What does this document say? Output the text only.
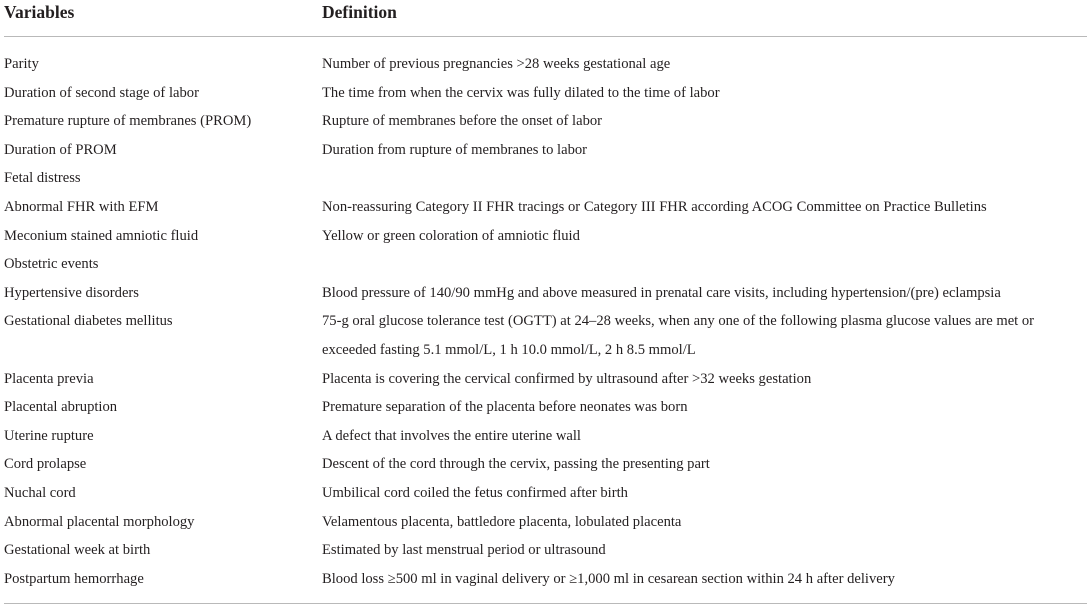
Variables	Definition
Parity	Number of previous pregnancies >28 weeks gestational age
Duration of second stage of labor	The time from when the cervix was fully dilated to the time of labor
Premature rupture of membranes (PROM)	Rupture of membranes before the onset of labor
Duration of PROM	Duration from rupture of membranes to labor
Fetal distress
Abnormal FHR with EFM	Non-reassuring Category II FHR tracings or Category III FHR according ACOG Committee on Practice Bulletins
Meconium stained amniotic fluid	Yellow or green coloration of amniotic fluid
Obstetric events
Hypertensive disorders	Blood pressure of 140/90 mmHg and above measured in prenatal care visits, including hypertension/(pre) eclampsia
Gestational diabetes mellitus	75-g oral glucose tolerance test (OGTT) at 24–28 weeks, when any one of the following plasma glucose values are met or
exceeded fasting 5.1 mmol/L, 1 h 10.0 mmol/L, 2 h 8.5 mmol/L
Placenta previa	Placenta is covering the cervical confirmed by ultrasound after >32 weeks gestation
Placental abruption	Premature separation of the placenta before neonates was born
Uterine rupture	A defect that involves the entire uterine wall
Cord prolapse	Descent of the cord through the cervix, passing the presenting part
Nuchal cord	Umbilical cord coiled the fetus confirmed after birth
Abnormal placental morphology	Velamentous placenta, battledore placenta, lobulated placenta
Gestational week at birth	Estimated by last menstrual period or ultrasound
Postpartum hemorrhage	Blood loss ≥500 ml in vaginal delivery or ≥1,000 ml in cesarean section within 24 h after delivery
